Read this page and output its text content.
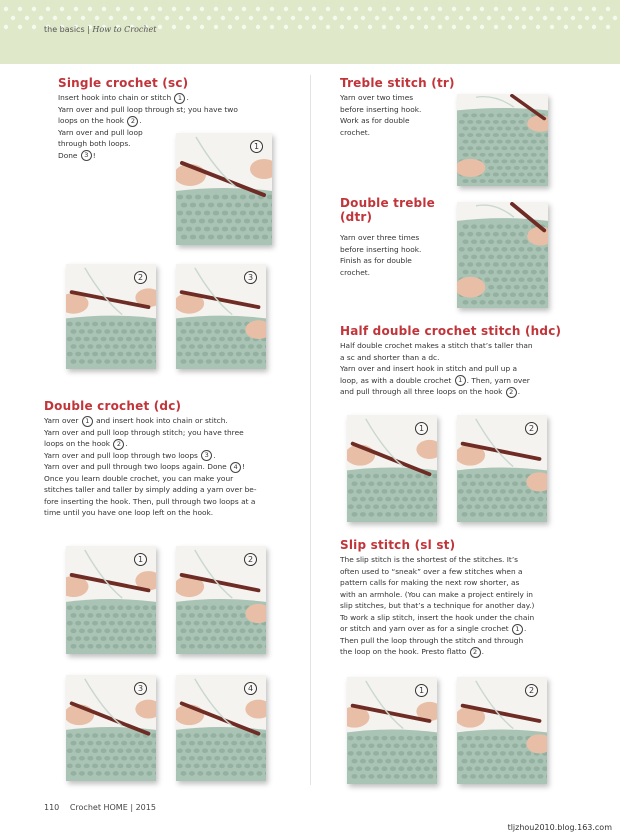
the basics | How to Crochet
Single crochet (sc)
Insert hook into chain or stitch 1 .
Yarn over and pull loop through st; you have two
loops on the hook 2 .
Yarn over and pull loop
through both loops.
Done 3 !
1
2	3
Double crochet (dc)
Yarn over 1 and insert hook into chain or stitch.
Yarn over and pull loop through stitch; you have three
loops on the hook 2 .
Yarn over and pull loop through two loops 3 .
Yarn over and pull through two loops again. Done 4 !
Once you learn double crochet, you can make your
stitches taller and taller by simply adding a yarn over be-
fore inserting the hook. Then, pull through two loops at a
time until you have one loop left on the hook.
1	2
3	4
Treble stitch (tr)
Yarn over two times
before inserting hook.
Work as for double
crochet.
Double treble
(dtr)
Yarn over three times
before inserting hook.
Finish as for double
crochet.
Half double crochet stitch (hdc)
Half double crochet makes a stitch that’s taller than
a sc and shorter than a dc.
Yarn over and insert hook in stitch and pull up a
loop, as with a double crochet 1 . Then, yarn over
and pull through all three loops on the hook 2 .
1	2
Slip stitch (sl st)
The slip stitch is the shortest of the stitches. It’s
often used to “sneak” over a few stitches when a
pattern calls for making the next row shorter, as
with an armhole. (You can make a project entirely in
slip stitches, but that’s a technique for another day.)
To work a slip stitch, insert the hook under the chain
or stitch and yarn over as for a single crochet 1 .
Then pull the loop through the stitch and through
the loop on the hook. Presto flatto 2 .
1	2
110 Crochet HOME | 2015
tljzhou2010.blog.163.com
